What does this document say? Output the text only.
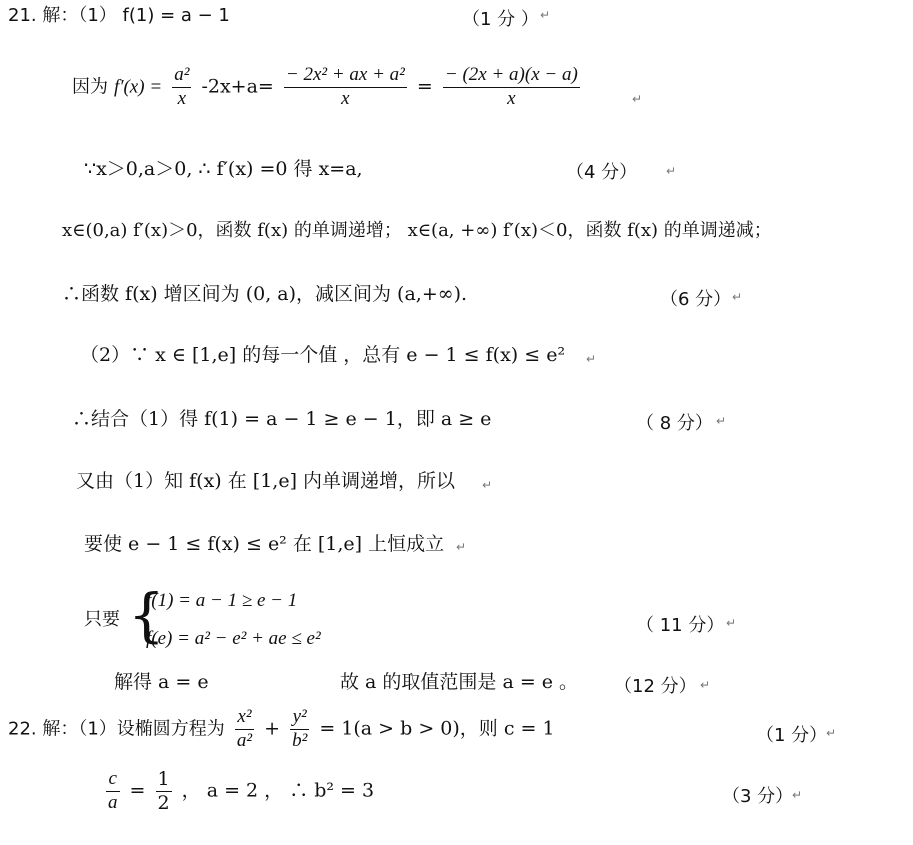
21. 解：（1） f(1) = a − 1	（1 分 ） ↵
因为 $f'(x) = \frac{\text{a²}}{x} -2x+a= \frac{\text{− 2x² + ax + a²}}{x} = \frac{- (2x + a)(x - a)}{x}$	↵
∵x＞0,a＞0, ∴ f′(x) =0 得 x=a,	（4 分） ↵
x∈(0,a) f′(x)＞0，函数 f(x) 的单调递增； x∈(a, +∞) f′(x)＜0，函数 f(x) 的单调递减；
∴函数 f(x) 增区间为 (0, a)，减区间为 (a,+∞).	（6 分） ↵
（2）∵ x ∈ [1,e] 的每一个值 ，总有 e − 1 ≤ f(x) ≤ e² ↵
∴结合（1）得 f(1) = a − 1 ≥ e − 1，即 a ≥ e	（ 8 分） ↵
又由（1）知 f(x) 在 [1,e] 内单调递增，所以 ↵
要使 e − 1 ≤ f(x) ≤ e² 在 [1,e] 上恒成立 ↵
只要 {
f(1) = a − 1 ≥ e − 1
f(e) = a² − e² + ae ≤ e²
（ 11 分） ↵
解得 a = e	故 a 的取值范围是 a = e 。 （12 分） ↵
22. 解：（1）设椭圆方程为 $\frac{\text{x²}}{\text{a²}} + \frac{\text{y²}}{\text{b²}} = 1(a > b > 0)$，则 c = 1	（1 分）
↵
$\frac{c}{a} = \frac{1}{2}$ ， a = 2 ， ∴ b² = 3	（3 分）
↵
